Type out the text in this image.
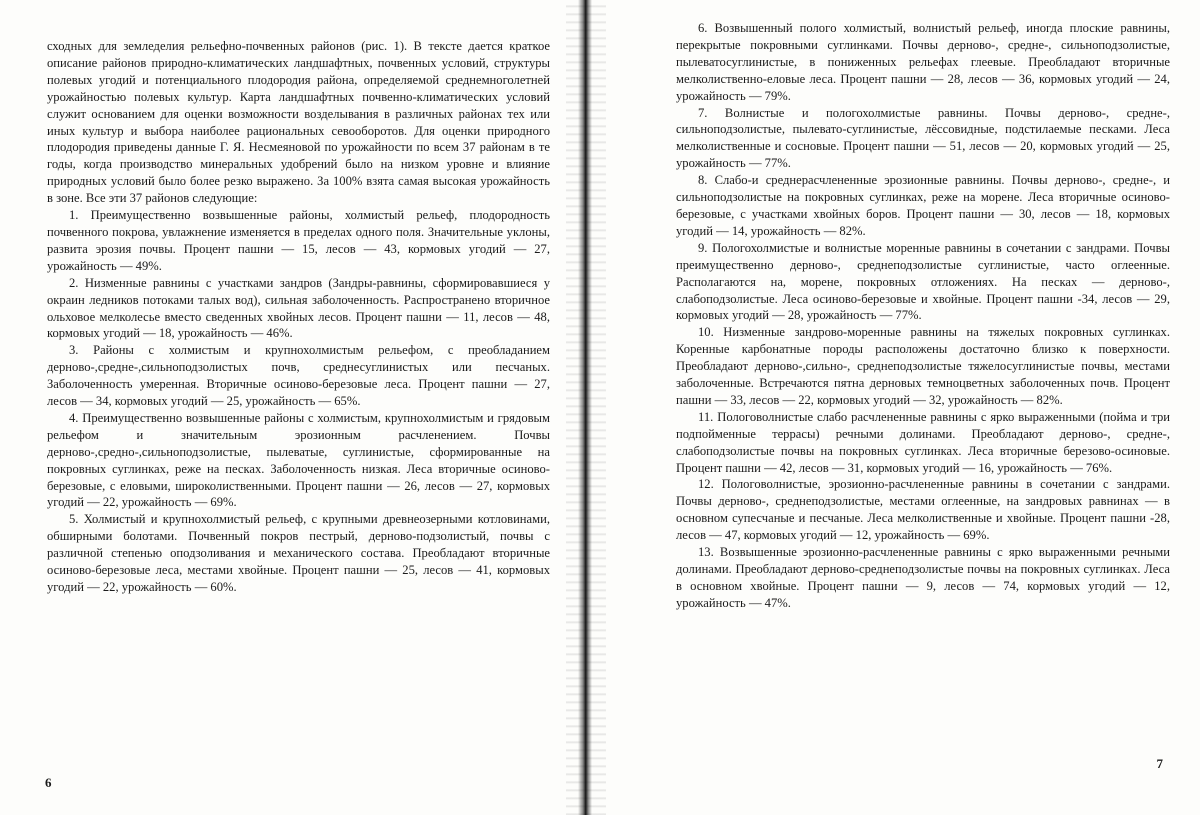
сходных для земледелия рельефно-почвенных районов (рис. 1). В тексте дается краткое описание районов природно-климатических ландшафтных, почвенных условий, структуры полевых угодий и потенциального плодородия района, определяемой среднемноголетней урожайностью полевых культур. Карта ландшафтных почвенно-климатических условий служит основанием для оценки возможности возделывания в различных районах тех или иных культур и выбора наиболее рациональных севооборотов. Для оценки природного плодородия приведены данные Г. Я. Несмеяновой по урожайности по всем 37 районам в те годы, когда производство минеральных удобрений было на низком уровне и влияние природных условий было более резко выражено. За 100% взята самая высокая урожайность в зоне. Все эти 37 районов следующие:

1. Преимущественно возвышенные районы, холмистый рельеф, плодородность почвенного покрова, увлажнение изменяется в пределах одного поля. Значительные уклоны, развита эрозия почвы. Процент пашни — 15, лесов — 43, кормовых угодий — 27, урожайность — 49%.

2. Низменные равнины с участками зандров (Зандры-равнины, сформировавшиеся у окраин ледников потоками талых вод), сильная заболоченность. Распространено вторичное ольховое мелколесье вместо сведенных хвойных лесов. Процент пашни — 11, лесов — 48, кормовых угодий — 18, урожайность — 46%.

3. Районы с холмистым и крупнохолмистым рельефом, с преобладанием дерново-,средне-,сильноподзолистых почв, среднесуглинистых или песчаных. Заболоченность умеренная. Вторичные осиново-березовые леса. Процент пашни — 27, лесов — 34, кормовых угодий — 25, урожайность — 65%.

4. Преимущественно возвышенные районы с холмистым, крупнохолмистым и грядовым рельефом и значительным эрозионным расчленением. Почвы дерново-,средно-,сильноподзолистые, пылеватые, суглинистые, сформированные на покровных суглинках, реже на песках. Заболоченность низкая. Леса вторичные осиново-березовые, с еловыми, широколиственными. Процент пашни — 26, лесов — 27, кормовых угодий — 22, урожайность — 69%.

5. Холмистый и крупнохолмистый рельеф, с крупными древнеозерными котловинами, обширными болотами. Почвенный покров пестрый, дерново-подзолистый, почвы с различной степенью оподзоливания и механического состава. Преобладают вторичные осиново-березовые леса, местами хвойные. Процент пашни — 25, лесов — 41, кормовых угодий — 22, урожайность — 60%.

6

6. Возвышенный пологo холмистый, волнистый рельеф, иногда плоские равнины, перекрытые покровными суглинками. Почвы дерново-, средне-, сильноподзолистые, пылеватосуглинистые, в пониженных рельефах глеевые. Преобладают вторичные мелколиственно-еловые леса. Процент пашни — 28, лесов — 36, кормовых угодий — 24, урожайность — 79%.

7. Волнистые и пологохолмистые равнины. Почвы дерново-, средне-, сильноподзолистые, пылевато-суглинистые, лёссовидные, подстилаемые песками. Леса мелколиственные и сосновые. Процент пашни — 51, лесов — 20, кормовых угодий — 25, урожайность — 77%.

8. Слабо-и среднерасчлененные эрозионные равнины. Почвы дерново-, средне-, и сильноподзолистые на покровных суглинках, реже на морене. Леса вторичные осиново-березовые, с участками хвойных боров. Процент пашни — 30, лесов — 18, кормовых угодий — 14, урожайность — 82%.

9. Пологохолмистые и волнистые моренные равнины в сочетании с зандрами. Почвы преимущественно дерново-, среднеподзолистые суглинистые, часто оглеенные. Располагаются на, морене, покровных отложениях. На песках — дерново-, слабоподзолистые. Леса осиново-березовые и хвойные. Процент пашни -34, лесов — 29, кормовых угодий — 28, урожайность — 77%.

10. Низменные зандрово-моренные равнины на тяжелых покровных суглинках. Коренные карбонатные породы расположены достаточно близко к поверхности. Преобладают дерново-,сильно-, среднеподзолистые тяжелосуглинистые почвы, местами заболоченные. Встречаются пятна дерновых темноцветных заболоченных почв. Процент пашни — 33, лесов — 22, кормовых угодий — 32, урожайность — 82%.

11. Пологоволнистые слабо расчлененные равнины с ярко выраженными (пойма и три подпойменные террасы) речными долинами. Преобладают дерново-, средне-, слабоподзолистые почвы на покровных суглинках. Леса вторичные березово-осиновые. Процент пашни — 42, лесов — 31, кормовых угодий — 16, урожайность — 76%.

12. Пологоволнистые, эрозионно-расчлененные равнины в сочетании с зандрами. Почвы дерново-, среднеподзолистые, местами оглеенные, на зандровых равнинах — в основном супесчаные и песчаные. Леса мелколиственные и хвойные. Процент пашни -28, лесов — 47, кормовых угодий — 12, урожайность — 69%.

13. Возвышенные эрозионно-расчлененные равнины с ярко выраженными речными долинами. Преобладают дерново-среднеподзолистые почвы на покровных суглинках. Леса в основном хвойные. Процент пашни — 9, лесов — 74, кормовых угодий — 12, урожайность — 47%.

7
